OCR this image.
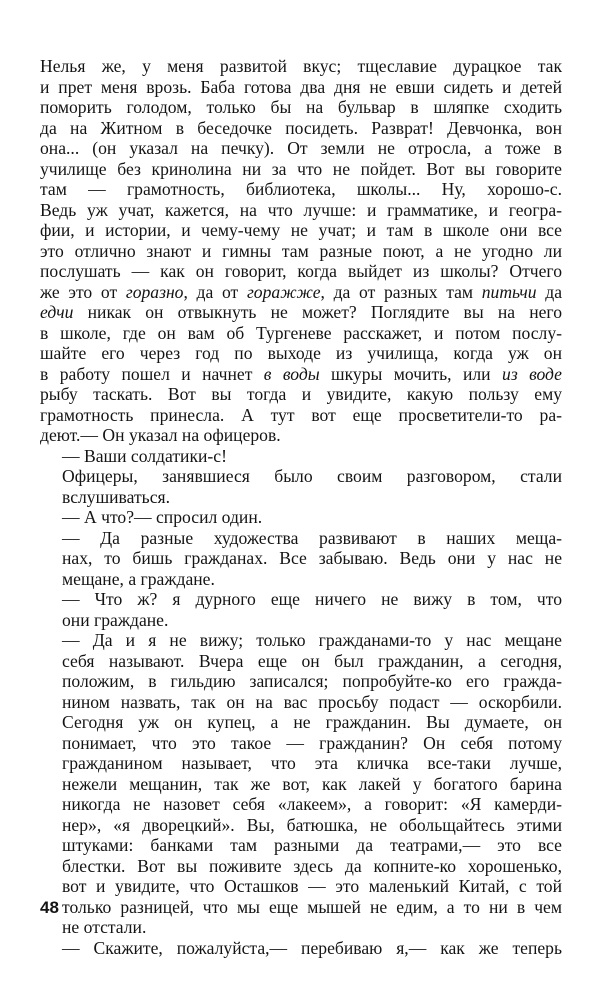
Нелья же, у меня развитой вкус; тщеславие дурацкое так
и прет меня врозь. Баба готова два дня не евши сидеть и детей
поморить голодом, только бы на бульвар в шляпке сходить
да на Житном в беседочке посидеть. Разврат! Девчонка, вон
она... (он указал на печку). От земли не отросла, а тоже в
училище без кринолина ни за что не пойдет. Вот вы говорите
там — грамотность, библиотека, школы... Ну, хорошо-с.
Ведь уж учат, кажется, на что лучше: и грамматике, и геогра-
фии, и истории, и чему-чему не учат; и там в школе они все
это отлично знают и гимны там разные поют, а не угодно ли
послушать — как он говорит, когда выйдет из школы? Отчего
же это от горазно, да от горажже, да от разных там питьчи да
едчи никак он отвыкнуть не может? Поглядите вы на него
в школе, где он вам об Тургеневе расскажет, и потом послу-
шайте его через год по выходе из училища, когда уж он
в работу пошел и начнет в воды шкуры мочить, или из воде
рыбу таскать. Вот вы тогда и увидите, какую пользу ему
грамотность принесла. А тут вот еще просветители-то ра-
деют.— Он указал на офицеров.

— Ваши солдатики-с!

Офицеры, занявшиеся было своим разговором, стали
вслушиваться.

— А что?— спросил один.

— Да разные художества развивают в наших меща-
нах, то бишь гражданах. Все забываю. Ведь они у нас не
мещане, а граждане.

— Что ж? я дурного еще ничего не вижу в том, что
они граждане.

— Да и я не вижу; только гражданами-то у нас мещане
себя называют. Вчера еще он был гражданин, а сегодня,
положим, в гильдию записался; попробуйте-ко его гражда-
нином назвать, так он на вас просьбу подаст — оскорбили.
Сегодня уж он купец, а не гражданин. Вы думаете, он
понимает, что это такое — гражданин? Он себя потому
гражданином называет, что эта кличка все-таки лучше,
нежели мещанин, так же вот, как лакей у богатого барина
никогда не назовет себя «лакеем», а говорит: «Я камерди-
нер», «я дворецкий». Вы, батюшка, не обольщайтесь этими
штуками: банками там разными да театрами,— это все
блестки. Вот вы поживите здесь да копните-ко хорошенько,
вот и увидите, что Осташков — это маленький Китай, с той
только разницей, что мы еще мышей не едим, а то ни в чем
не отстали.

— Скажите, пожалуйста,— перебиваю я,— как же теперь

48
